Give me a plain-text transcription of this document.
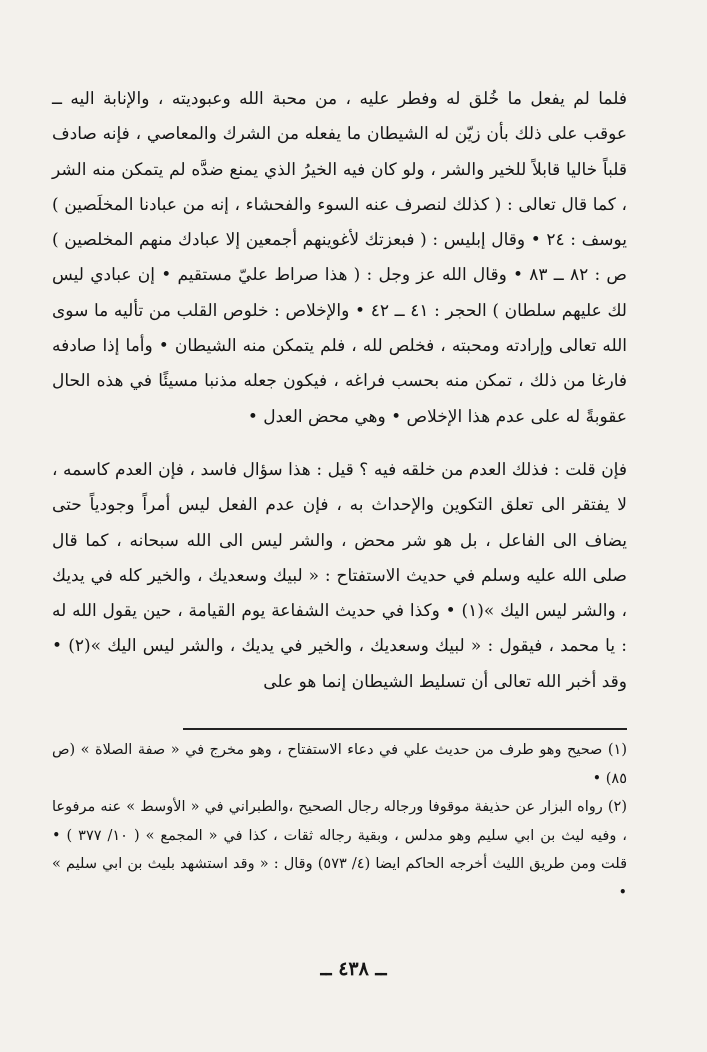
فلما لم يفعل ما خُلق له وفطر عليه ، من محبة الله وعبوديته ، والإنابة اليه ــ عوقب على ذلك بأن زيّن له الشيطان ما يفعله من الشرك والمعاصي ، فإنه صادف قلباً خاليا قابلاً للخير والشر ، ولو كان فيه الخيرُ الذي يمنع ضدَّه لم يتمكن منه الشر ، كما قال تعالى : ( كذلك لنصرف عنه السوء والفحشاء ، إنه من عبادنا المخلَصين ) يوسف : ٢٤ • وقال إبليس : ( فبعزتك لأغوينهم أجمعين إلا عبادك منهم المخلصين ) ص : ٨٢ ــ ٨٣ • وقال الله عز وجل : ( هذا صراط عليّ مستقيم • إن عبادي ليس لك عليهم سلطان ) الحجر : ٤١ ــ ٤٢ • والإخلاص : خلوص القلب من تأليه ما سوى الله تعالى وإرادته ومحبته ، فخلص لله ، فلم يتمكن منه الشيطان • وأما إذا صادفه فارغا من ذلك ، تمكن منه بحسب فراغه ، فيكون جعله مذنبا مسيئًا في هذه الحال عقوبةً له على عدم هذا الإخلاص • وهي محض العدل •

فإن قلت : فذلك العدم من خلقه فيه ؟ قيل : هذا سؤال فاسد ، فإن العدم كاسمه ، لا يفتقر الى تعلق التكوين والإحداث به ، فإن عدم الفعل ليس أمراً وجودياً حتى يضاف الى الفاعل ، بل هو شر محض ، والشر ليس الى الله سبحانه ، كما قال صلى الله عليه وسلم في حديث الاستفتاح : « لبيك وسعديك ، والخير كله في يديك ، والشر ليس اليك »(١) • وكذا في حديث الشفاعة يوم القيامة ، حين يقول الله له : يا محمد ، فيقول : « لبيك وسعديك ، والخير في يديك ، والشر ليس اليك »(٢) • وقد أخبر الله تعالى أن تسليط الشيطان إنما هو على

(١) صحيح وهو طرف من حديث علي في دعاء الاستفتاح ، وهو مخرج في « صفة الصلاة » (ص ٨٥) •

(٢) رواه البزار عن حذيفة موقوفا ورجاله رجال الصحيح ،والطبراني في « الأوسط » عنه مرفوعا ، وفيه ليث بن ابي سليم وهو مدلس ، وبقية رجاله ثقات ، كذا في « المجمع » ( ١٠/ ٣٧٧ ) • قلت ومن طريق الليث أخرجه الحاكم ايضا (٤/ ٥٧٣) وقال : « وقد استشهد بليث بن ابي سليم » •

ــ ٤٣٨ ــ
